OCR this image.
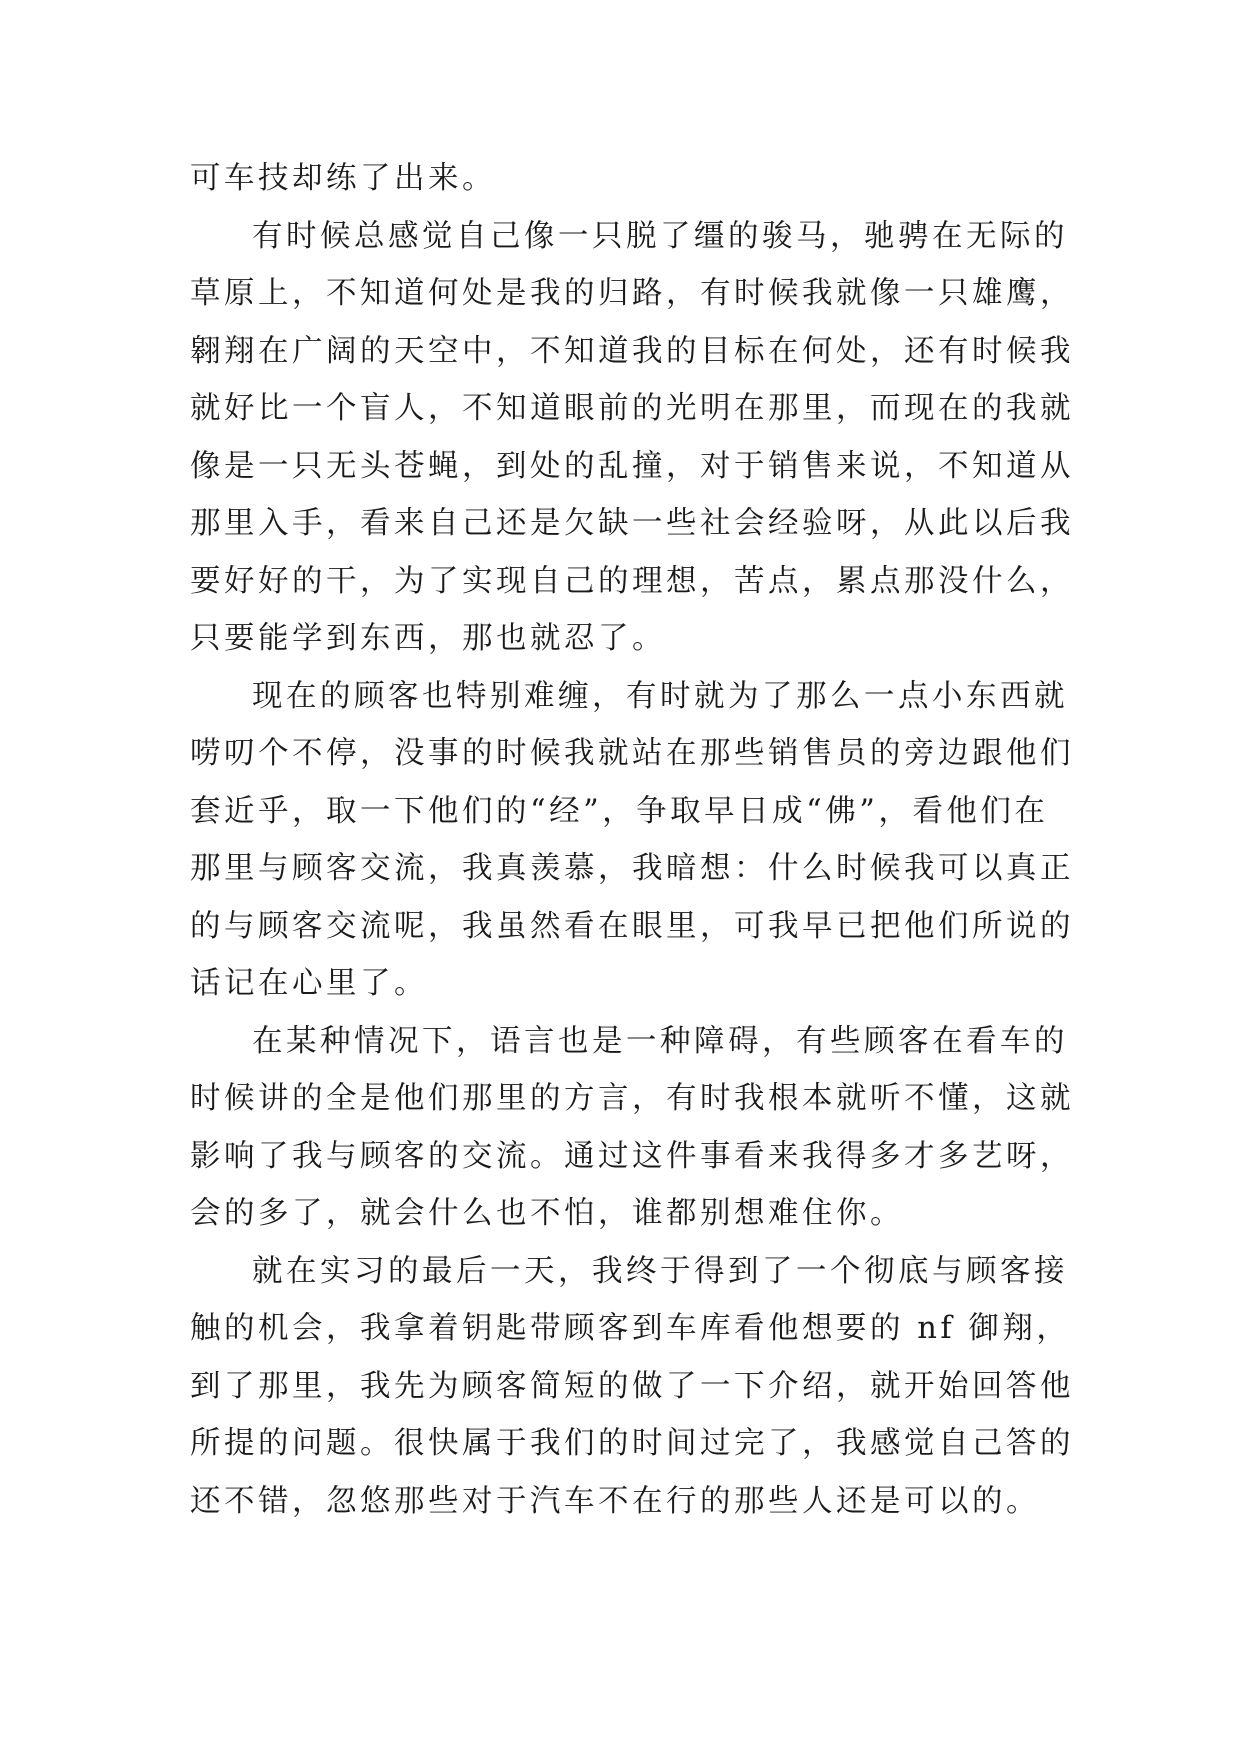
可车技却练了出来。
有时候总感觉自己像一只脱了缰的骏马，驰骋在无际的
草原上，不知道何处是我的归路，有时候我就像一只雄鹰，
翱翔在广阔的天空中，不知道我的目标在何处，还有时候我
就好比一个盲人，不知道眼前的光明在那里，而现在的我就
像是一只无头苍蝇，到处的乱撞，对于销售来说，不知道从
那里入手，看来自己还是欠缺一些社会经验呀，从此以后我
要好好的干，为了实现自己的理想，苦点，累点那没什么，
只要能学到东西，那也就忍了。
现在的顾客也特别难缠，有时就为了那么一点小东西就
唠叨个不停，没事的时候我就站在那些销售员的旁边跟他们
套近乎，取一下他们的“经”，争取早日成“佛”，看他们在
那里与顾客交流，我真羡慕，我暗想：什么时候我可以真正
的与顾客交流呢，我虽然看在眼里，可我早已把他们所说的
话记在心里了。
在某种情况下，语言也是一种障碍，有些顾客在看车的
时候讲的全是他们那里的方言，有时我根本就听不懂，这就
影响了我与顾客的交流。通过这件事看来我得多才多艺呀，
会的多了，就会什么也不怕，谁都别想难住你。
就在实习的最后一天，我终于得到了一个彻底与顾客接
触的机会，我拿着钥匙带顾客到车库看他想要的 nf 御翔，
到了那里，我先为顾客简短的做了一下介绍，就开始回答他
所提的问题。很快属于我们的时间过完了，我感觉自己答的
还不错，忽悠那些对于汽车不在行的那些人还是可以的。
